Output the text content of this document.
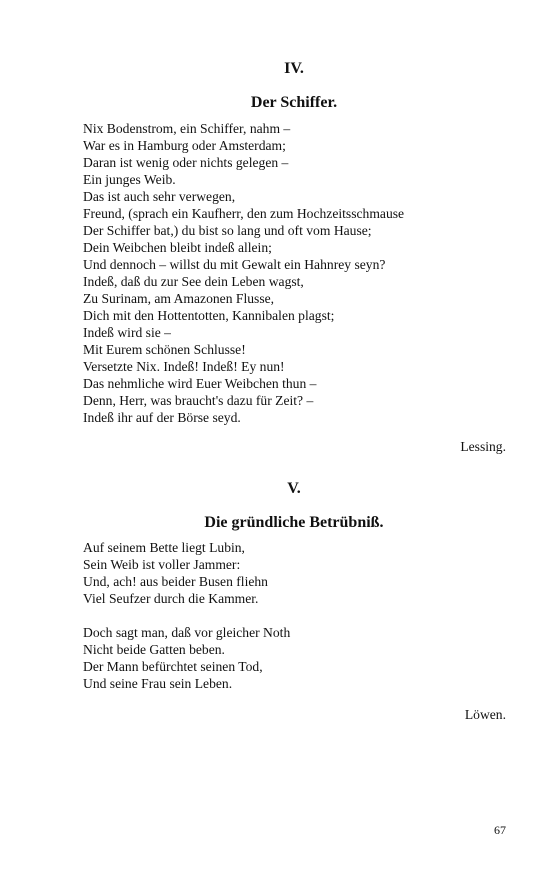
IV.
Der Schiffer.
Nix Bodenstrom, ein Schiffer, nahm –
War es in Hamburg oder Amsterdam;
Daran ist wenig oder nichts gelegen –
Ein junges Weib.
Das ist auch sehr verwegen,
Freund, (sprach ein Kaufherr, den zum Hochzeitsschmause
Der Schiffer bat,) du bist so lang und oft vom Hause;
Dein Weibchen bleibt indeß allein;
Und dennoch – willst du mit Gewalt ein Hahnrey seyn?
Indeß, daß du zur See dein Leben wagst,
Zu Surinam, am Amazonen Flusse,
Dich mit den Hottentotten, Kannibalen plagst;
Indeß wird sie –
Mit Eurem schönen Schlusse!
Versetzte Nix. Indeß! Indeß! Ey nun!
Das nehmliche wird Euer Weibchen thun –
Denn, Herr, was braucht's dazu für Zeit? –
Indeß ihr auf der Börse seyd.
Lessing.
V.
Die gründliche Betrübniß.
Auf seinem Bette liegt Lubin,
Sein Weib ist voller Jammer:
Und, ach! aus beider Busen fliehn
Viel Seufzer durch die Kammer.
Doch sagt man, daß vor gleicher Noth
Nicht beide Gatten beben.
Der Mann befürchtet seinen Tod,
Und seine Frau sein Leben.
Löwen.
67
